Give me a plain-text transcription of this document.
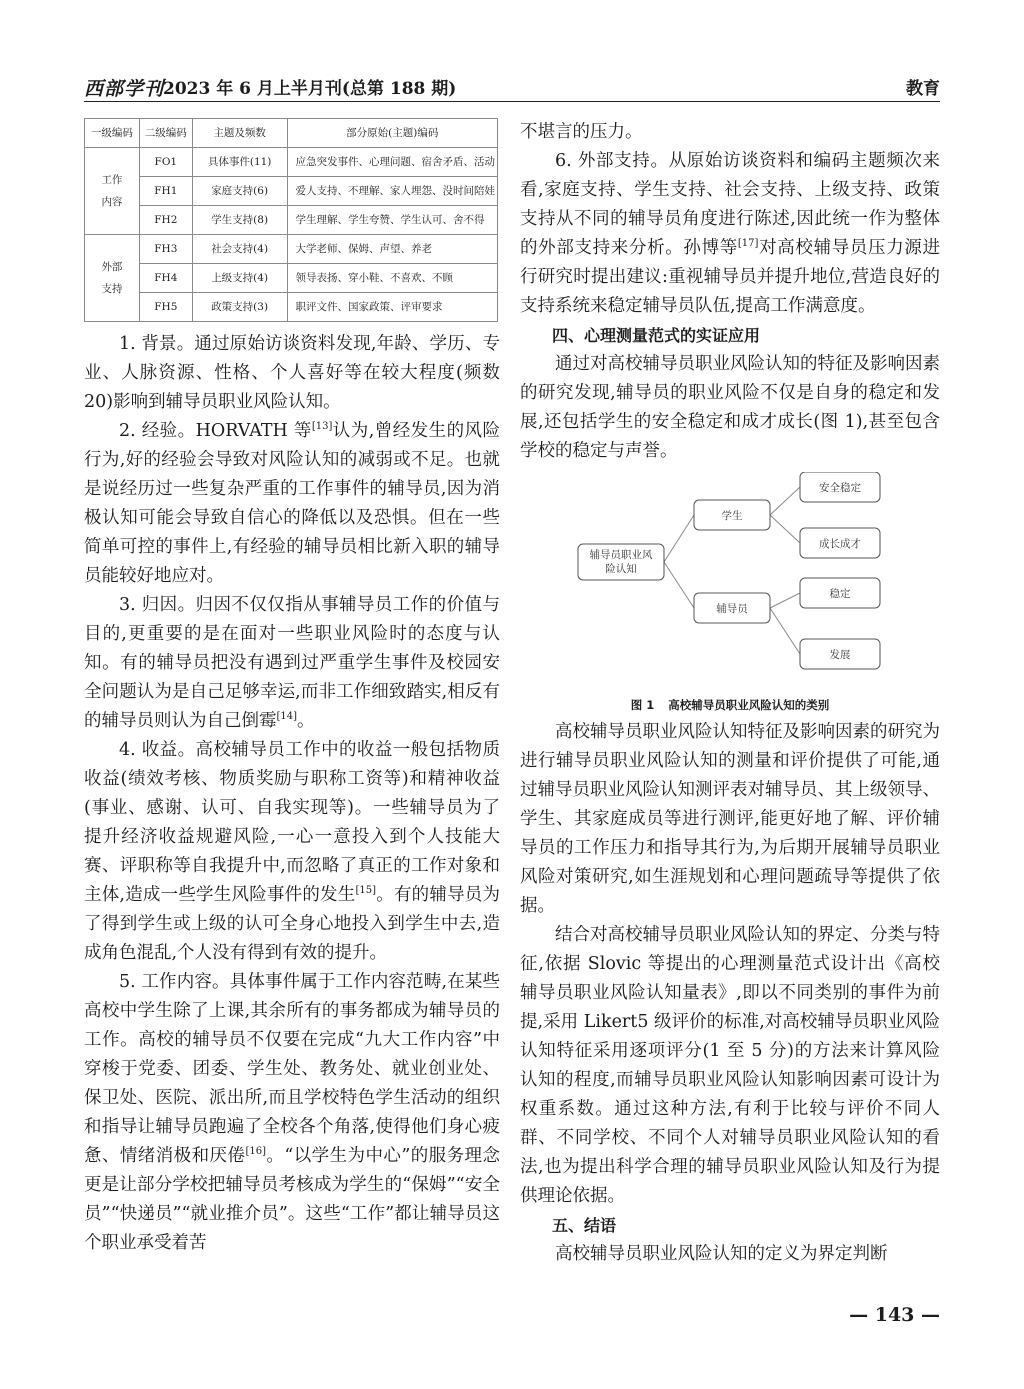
西部学刊
2023 年 6 月上半月刊(总第 188 期)	教育
一级编码	二级编码	主题及频数	部分原始(主题)编码
工作内容	FO1	具体事件(11)	应急突发事件、心理问题、宿舍矛盾、活动
	FH1	家庭支持(6)	爱人支持、不理解、家人埋怨、没时间陪娃
	FH2	学生支持(8)	学生理解、学生夸赞、学生认可、舍不得
外部支持	FH3	社会支持(4)	大学老师、保姆、声望、养老
	FH4	上级支持(4)	领导表扬、穿小鞋、不喜欢、不顾
	FH5	政策支持(3)	职评文件、国家政策、评审要求

1. 背景。通过原始访谈资料发现,年龄、学历、专业、人脉资源、性格、个人喜好等在较大程度(频数 20)影响到辅导员职业风险认知。

2. 经验。HORVATH 等[13]认为,曾经发生的风险行为,好的经验会导致对风险认知的减弱或不足。也就是说经历过一些复杂严重的工作事件的辅导员,因为消极认知可能会导致自信心的降低以及恐惧。但在一些简单可控的事件上,有经验的辅导员相比新入职的辅导员能较好地应对。

3. 归因。归因不仅仅指从事辅导员工作的价值与目的,更重要的是在面对一些职业风险时的态度与认知。有的辅导员把没有遇到过严重学生事件及校园安全问题认为是自己足够幸运,而非工作细致踏实,相反有的辅导员则认为自己倒霉[14]。

4. 收益。高校辅导员工作中的收益一般包括物质收益(绩效考核、物质奖励与职称工资等)和精神收益(事业、感谢、认可、自我实现等)。一些辅导员为了提升经济收益规避风险,一心一意投入到个人技能大赛、评职称等自我提升中,而忽略了真正的工作对象和主体,造成一些学生风险事件的发生[15]。有的辅导员为了得到学生或上级的认可全身心地投入到学生中去,造成角色混乱,个人没有得到有效的提升。

5. 工作内容。具体事件属于工作内容范畴,在某些高校中学生除了上课,其余所有的事务都成为辅导员的工作。高校的辅导员不仅要在完成“九大工作内容”中穿梭于党委、团委、学生处、教务处、就业创业处、保卫处、医院、派出所,而且学校特色学生活动的组织和指导让辅导员跑遍了全校各个角落,使得他们身心疲惫、情绪消极和厌倦[16]。“以学生为中心”的服务理念更是让部分学校把辅导员考核成为学生的“保姆”“安全员”“快递员”“就业推介员”。这些“工作”都让辅导员这个职业承受着苦

不堪言的压力。

6. 外部支持。从原始访谈资料和编码主题频次来看,家庭支持、学生支持、社会支持、上级支持、政策支持从不同的辅导员角度进行陈述,因此统一作为整体的外部支持来分析。孙博等[17]对高校辅导员压力源进行研究时提出建议:重视辅导员并提升地位,营造良好的支持系统来稳定辅导员队伍,提高工作满意度。

四、心理测量范式的实证应用

通过对高校辅导员职业风险认知的特征及影响因素的研究发现,辅导员的职业风险不仅是自身的稳定和发展,还包括学生的安全稳定和成才成长(图 1),甚至包含学校的稳定与声誉。

辅导员职业风
险认知
学生
辅导员
安全稳定
成长成才
稳定
发展

图 1 高校辅导员职业风险认知的类别

高校辅导员职业风险认知特征及影响因素的研究为进行辅导员职业风险认知的测量和评价提供了可能,通过辅导员职业风险认知测评表对辅导员、其上级领导、学生、其家庭成员等进行测评,能更好地了解、评价辅导员的工作压力和指导其行为,为后期开展辅导员职业风险对策研究,如生涯规划和心理问题疏导等提供了依据。

结合对高校辅导员职业风险认知的界定、分类与特征,依据 Slovic 等提出的心理测量范式设计出《高校辅导员职业风险认知量表》,即以不同类别的事件为前提,采用 Likert5 级评价的标准,对高校辅导员职业风险认知特征采用逐项评分(1 至 5 分)的方法来计算风险认知的程度,而辅导员职业风险认知影响因素可设计为权重系数。通过这种方法,有利于比较与评价不同人群、不同学校、不同个人对辅导员职业风险认知的看法,也为提出科学合理的辅导员职业风险认知及行为提供理论依据。

五、结语

高校辅导员职业风险认知的定义为界定判断

— 143 —
